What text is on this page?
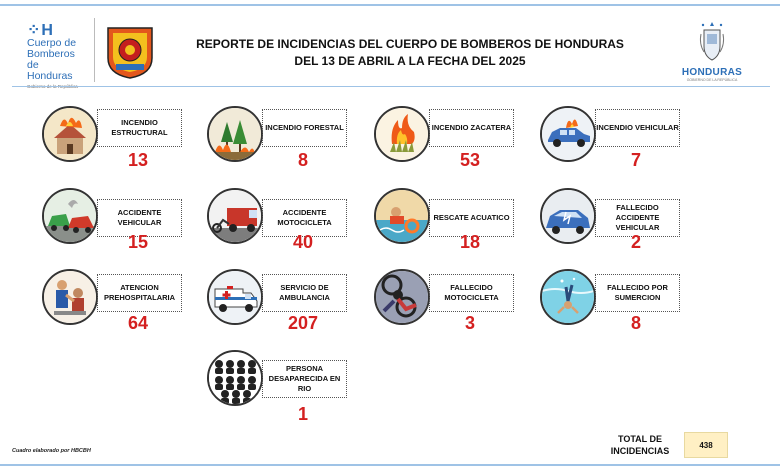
⁘H
Cuerpo de
Bomberos de
Honduras
REPORTE DE INCIDENCIAS DEL CUERPO DE BOMBEROS DE HONDURAS
DEL 13 DE ABRIL A LA FECHA DEL 2025
HONDURAS
GOBIERNO DE LA REPÚBLICA
INCENDIO ESTRUCTURAL
13
INCENDIO FORESTAL
8
INCENDIO ZACATERA
53
INCENDIO VEHICULAR
7
ACCIDENTE VEHICULAR
15
ACCIDENTE MOTOCICLETA
40
RESCATE ACUATICO
18
FALLECIDO ACCIDENTE VEHICULAR
2
ATENCION PREHOSPITALARIA
64
SERVICIO DE AMBULANCIA
207
FALLECIDO MOTOCICLETA
3
FALLECIDO POR SUMERCION
8
PERSONA DESAPARECIDA EN RIO
1
Cuadro elaborado por HBCBH
TOTAL DE
INCIDENCIAS
438
